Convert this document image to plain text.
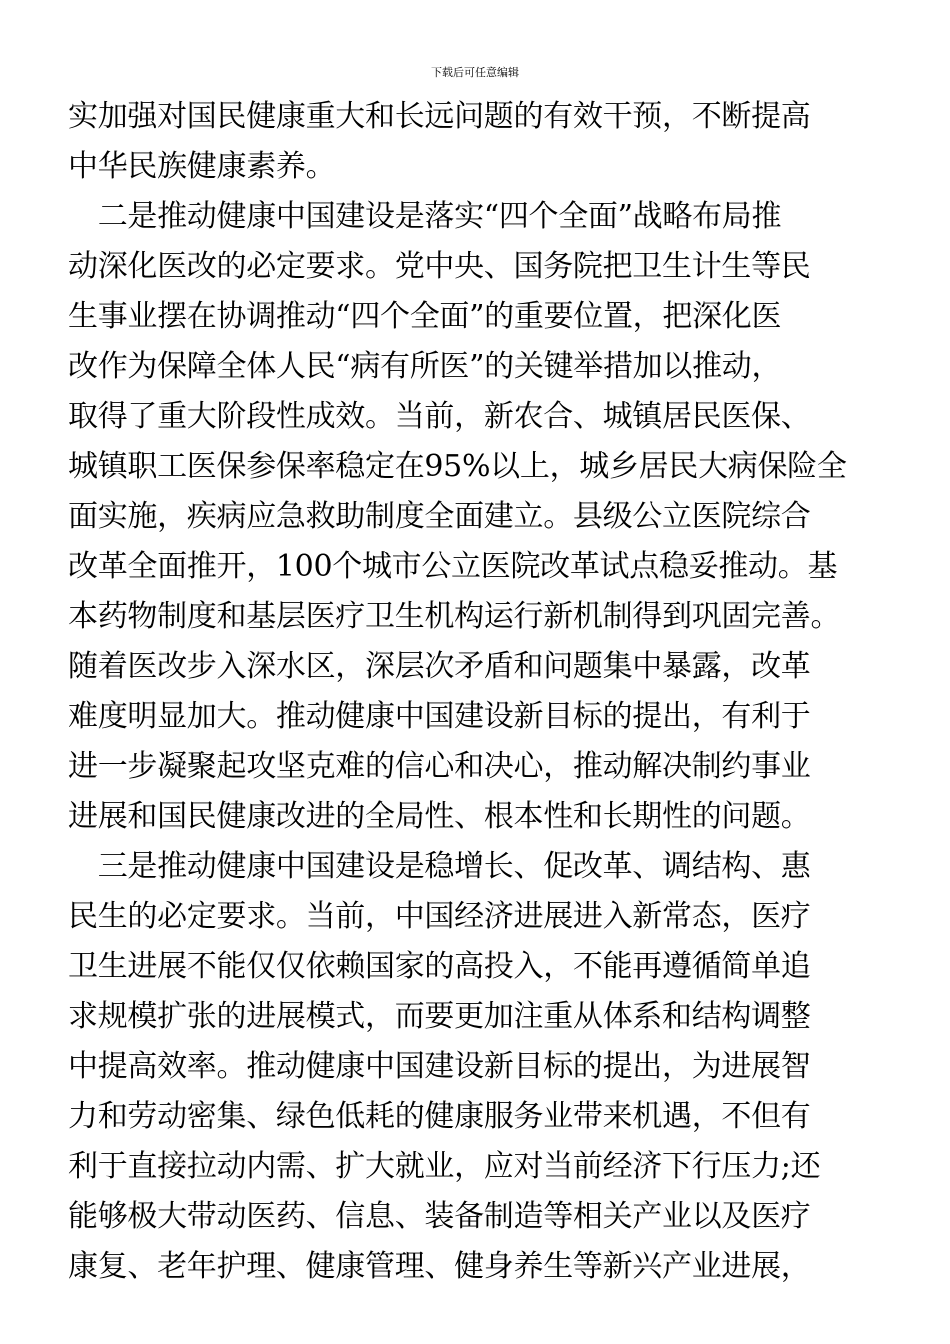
下载后可任意编辑
实加强对国民健康重大和长远问题的有效干预，不断提高
中华民族健康素养。
　二是推动健康中国建设是落实“四个全面”战略布局推
动深化医改的必定要求。党中央、国务院把卫生计生等民
生事业摆在协调推动“四个全面”的重要位置，把深化医
改作为保障全体人民“病有所医”的关键举措加以推动，
取得了重大阶段性成效。当前，新农合、城镇居民医保、
城镇职工医保参保率稳定在95%以上，城乡居民大病保险全
面实施，疾病应急救助制度全面建立。县级公立医院综合
改革全面推开，100个城市公立医院改革试点稳妥推动。基
本药物制度和基层医疗卫生机构运行新机制得到巩固完善。
随着医改步入深水区，深层次矛盾和问题集中暴露，改革
难度明显加大。推动健康中国建设新目标的提出，有利于
进一步凝聚起攻坚克难的信心和决心，推动解决制约事业
进展和国民健康改进的全局性、根本性和长期性的问题。
　三是推动健康中国建设是稳增长、促改革、调结构、惠
民生的必定要求。当前，中国经济进展进入新常态，医疗
卫生进展不能仅仅依赖国家的高投入，不能再遵循简单追
求规模扩张的进展模式，而要更加注重从体系和结构调整
中提高效率。推动健康中国建设新目标的提出，为进展智
力和劳动密集、绿色低耗的健康服务业带来机遇，不但有
利于直接拉动内需、扩大就业，应对当前经济下行压力;还
能够极大带动医药、信息、装备制造等相关产业以及医疗
康复、老年护理、健康管理、健身养生等新兴产业进展，
